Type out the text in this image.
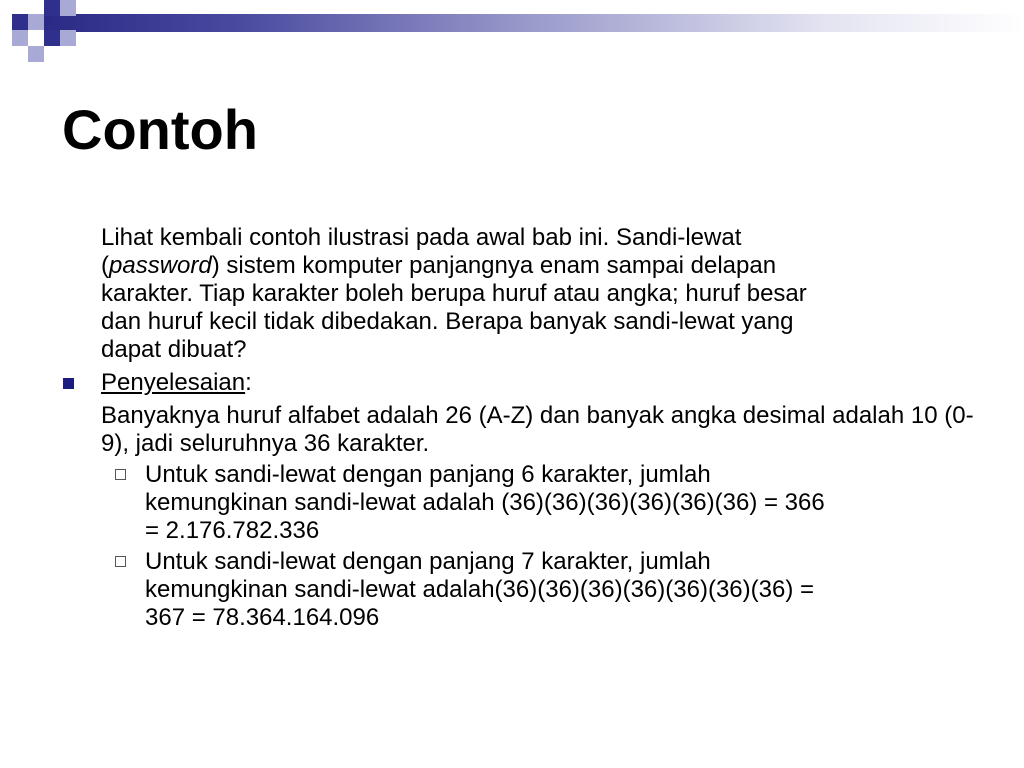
Contoh

Lihat kembali contoh ilustrasi pada awal bab ini. Sandi-lewat
(password) sistem komputer panjangnya enam sampai delapan
karakter. Tiap karakter boleh berupa huruf atau angka; huruf besar
dan huruf kecil tidak dibedakan. Berapa banyak sandi-lewat yang
dapat dibuat?

Penyelesaian:

Banyaknya huruf alfabet adalah 26 (A-Z) dan banyak angka desimal adalah 10 (0-9), jadi seluruhnya 36 karakter.

Untuk sandi-lewat dengan panjang 6 karakter, jumlah
kemungkinan sandi-lewat adalah (36)(36)(36)(36)(36)(36) = 366
= 2.176.782.336

Untuk sandi-lewat dengan panjang 7 karakter, jumlah
kemungkinan sandi-lewat adalah(36)(36)(36)(36)(36)(36)(36) =
367 = 78.364.164.096
